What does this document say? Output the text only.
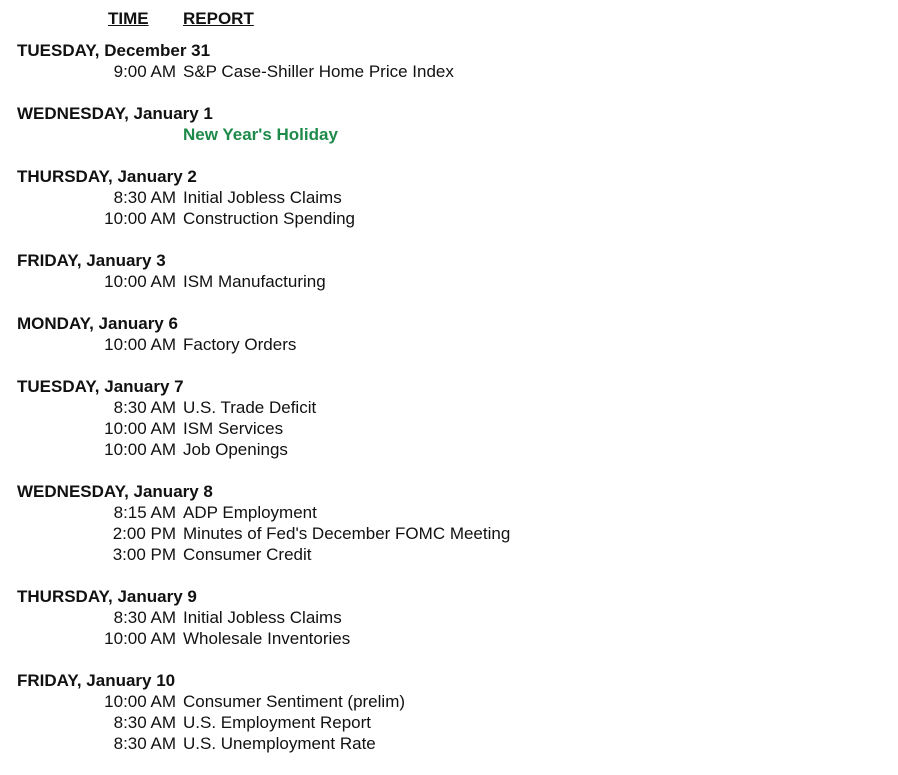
TIME	REPORT
TUESDAY, December 31
9:00 AM S&P Case-Shiller Home Price Index
WEDNESDAY, January 1
New Year's Holiday
THURSDAY, January 2
8:30 AM Initial Jobless Claims
10:00 AM Construction Spending
FRIDAY, January 3
10:00 AM ISM Manufacturing
MONDAY, January 6
10:00 AM Factory Orders
TUESDAY, January 7
8:30 AM U.S. Trade Deficit
10:00 AM ISM Services
10:00 AM Job Openings
WEDNESDAY, January 8
8:15 AM ADP Employment
2:00 PM Minutes of Fed's December FOMC Meeting
3:00 PM Consumer Credit
THURSDAY, January 9
8:30 AM Initial Jobless Claims
10:00 AM Wholesale Inventories
FRIDAY, January 10
10:00 AM Consumer Sentiment (prelim)
8:30 AM U.S. Employment Report
8:30 AM U.S. Unemployment Rate
